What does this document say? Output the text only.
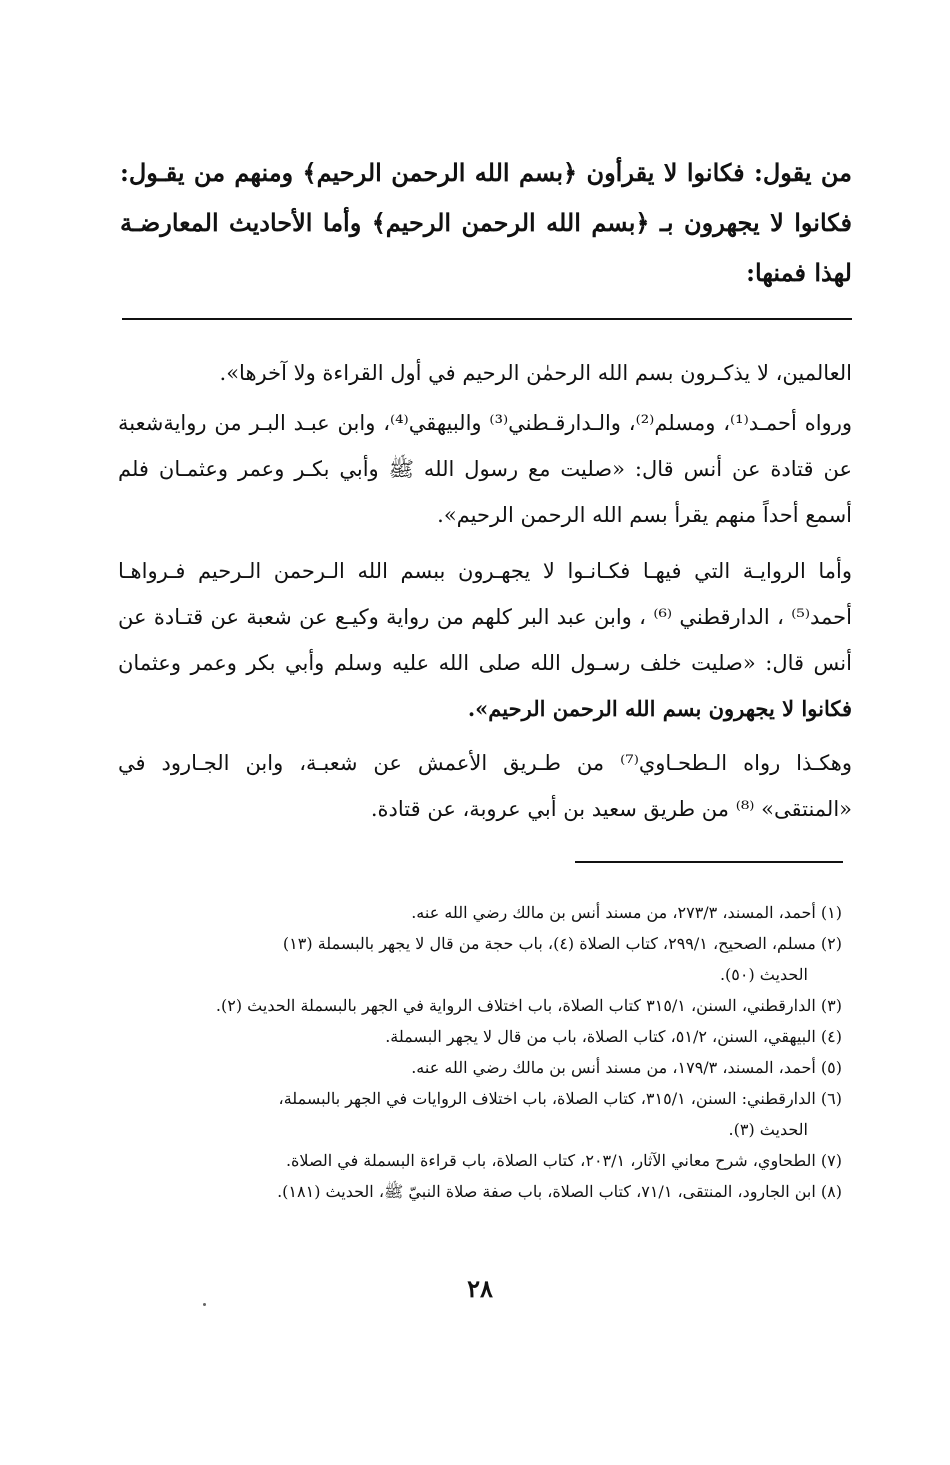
من يقول: فكانوا لا يقرأون ﴿بسم الله الرحمن الرحيم﴾ ومنهم من يقـول: فكانوا لا يجهرون بـ ﴿بسم الله الرحمن الرحيم﴾ وأما الأحاديث المعارضـة لهذا فمنها:
العالمين، لا يذكـرون بسم الله الرحمٰن الرحيم في أول القراءة ولا آخرها».
ورواه أحمـد⁽¹⁾، ومسلم⁽²⁾، والـدارقـطني⁽³⁾ والبيهقي⁽⁴⁾، وابن عبـد البـر من روايةشعبة عن قتادة عن أنس قال: «صليت مع رسول الله ﷺ وأبي بكـر وعمر وعثمـان فلم أسمع أحداً منهم يقرأ بسم الله الرحمن الرحيم».
وأما الروايـة التي فيهـا فكـانـوا لا يجهـرون ببسم الله الـرحمن الـرحيم فـرواهـا أحمد⁽⁵⁾ ، الدارقطني ⁽⁶⁾ ، وابن عبد البر كلهم من رواية وكيـع عن شعبة عن قتـادة عن أنس قال: «صليت خلف رسـول الله صلى الله عليه وسلم وأبي بكر وعمر وعثمان فكانوا لا يجهرون بسم الله الرحمن الرحيم».
وهكـذا رواه الـطحـاوي⁽⁷⁾ من طـريق الأعمش عن شعبـة، وابن الجـارود في «المنتقى» ⁽⁸⁾ من طريق سعيد بن أبي عروبة، عن قتادة.
(١) أحمد، المسند، ٢٧٣/٣، من مسند أنس بن مالك رضي الله عنه.
(٢) مسلم، الصحيح، ٢٩٩/١، كتاب الصلاة (٤)، باب حجة من قال لا يجهر بالبسملة (١٣)
الحديث (٥٠).
(٣) الدارقطني، السنن، ٣١٥/١ كتاب الصلاة، باب اختلاف الرواية في الجهر بالبسملة الحديث (٢).
(٤) البيهقي، السنن، ٥١/٢، كتاب الصلاة، باب من قال لا يجهر البسملة.
(٥) أحمد، المسند، ١٧٩/٣، من مسند أنس بن مالك رضي الله عنه.
(٦) الدارقطني: السنن، ٣١٥/١، كتاب الصلاة، باب اختلاف الروايات في الجهر بالبسملة،
الحديث (٣).
(٧) الطحاوي، شرح معاني الآثار، ٢٠٣/١، كتاب الصلاة، باب قراءة البسملة في الصلاة.
(٨) ابن الجارود، المنتقى، ٧١/١، كتاب الصلاة، باب صفة صلاة النبيّ ﷺ، الحديث (١٨١).
٢٨
